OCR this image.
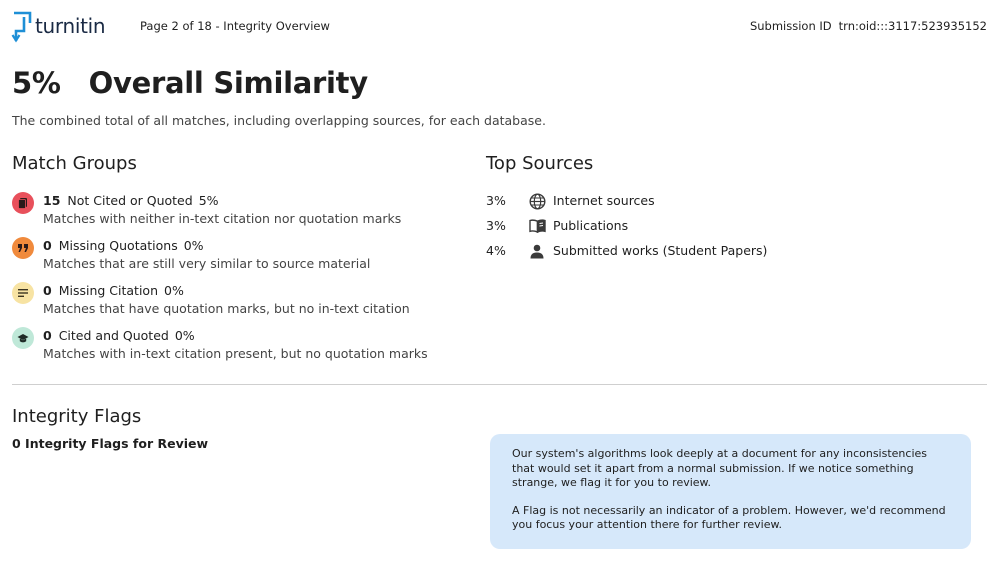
turnitin	Page 2 of 18 - Integrity Overview	Submission ID trn:oid:::3117:523935152
5% Overall Similarity
The combined total of all matches, including overlapping sources, for each database.
Match Groups
15 Not Cited or Quoted 5%
Matches with neither in-text citation nor quotation marks
0 Missing Quotations 0%
Matches that are still very similar to source material
0 Missing Citation 0%
Matches that have quotation marks, but no in-text citation
0 Cited and Quoted 0%
Matches with in-text citation present, but no quotation marks
Top Sources
3%	Internet sources
3%	Publications
4%	Submitted works (Student Papers)
Integrity Flags
0 Integrity Flags for Review

Our system's algorithms look deeply at a document for any inconsistencies that would set it apart from a normal submission. If we notice something strange, we flag it for you to review.

A Flag is not necessarily an indicator of a problem. However, we'd recommend you focus your attention there for further review.
